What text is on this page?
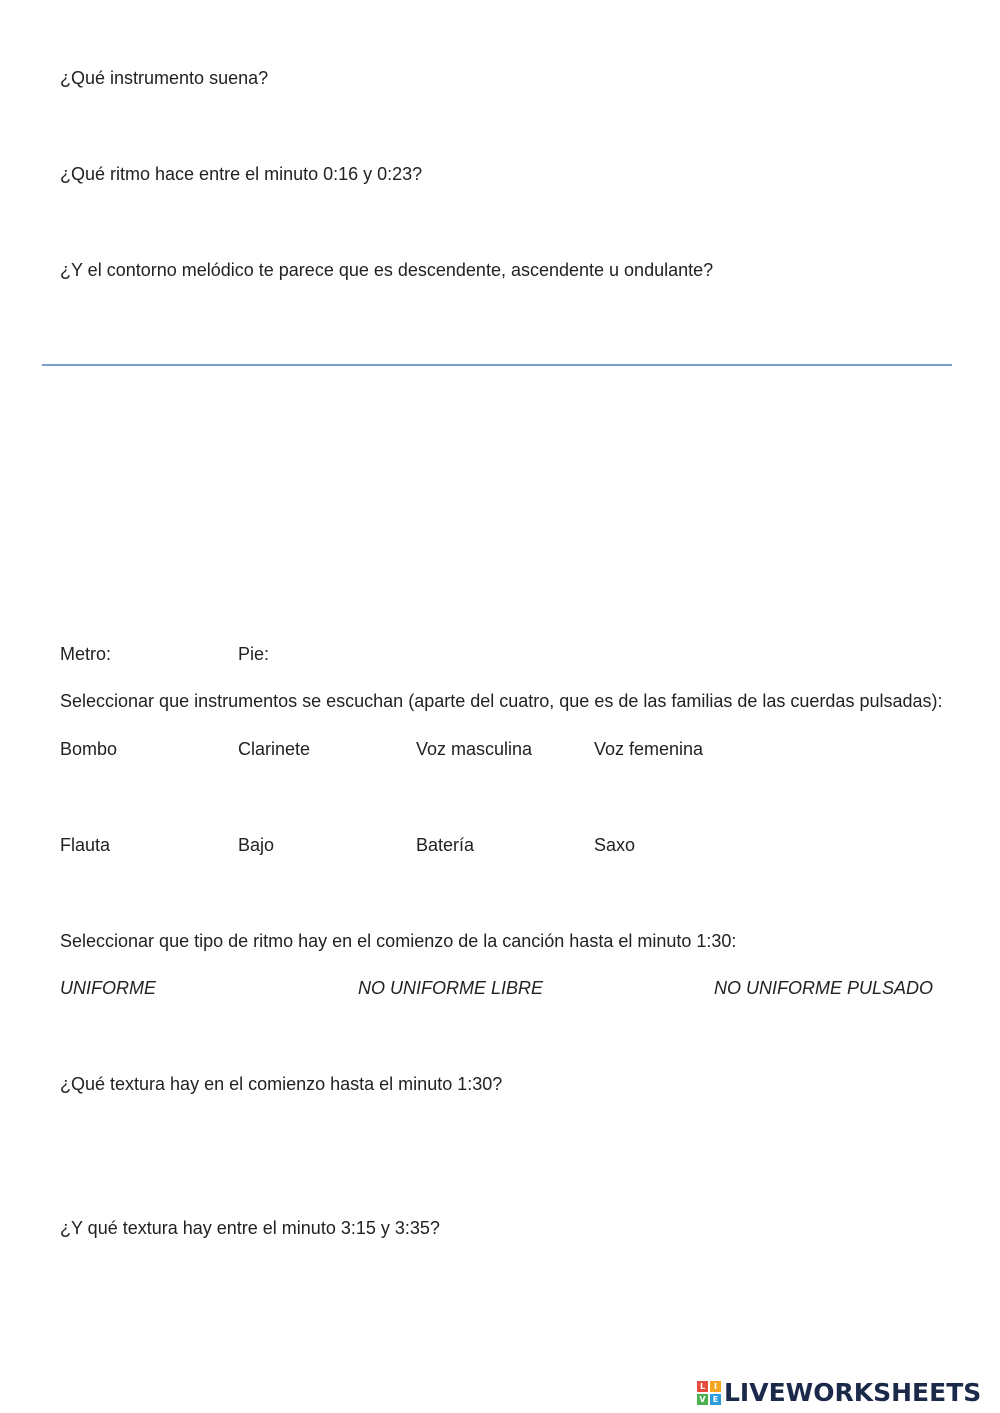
¿Qué instrumento suena?
¿Qué ritmo hace entre el minuto 0:16 y 0:23?
¿Y el contorno melódico te parece que es descendente, ascendente u ondulante?
Metro:	Pie:
Seleccionar que instrumentos se escuchan (aparte del cuatro, que es de las familias de las cuerdas pulsadas):
Bombo	Clarinete	Voz masculina	Voz femenina
Flauta	Bajo	Batería	Saxo
Seleccionar que tipo de ritmo hay en el comienzo de la canción hasta el minuto 1:30:
UNIFORME	NO UNIFORME LIBRE	NO UNIFORME PULSADO
¿Qué textura hay en el comienzo hasta el minuto 1:30?
¿Y qué textura hay entre el minuto 3:15 y 3:35?
L	I
V E LIVEWORKSHEETS
